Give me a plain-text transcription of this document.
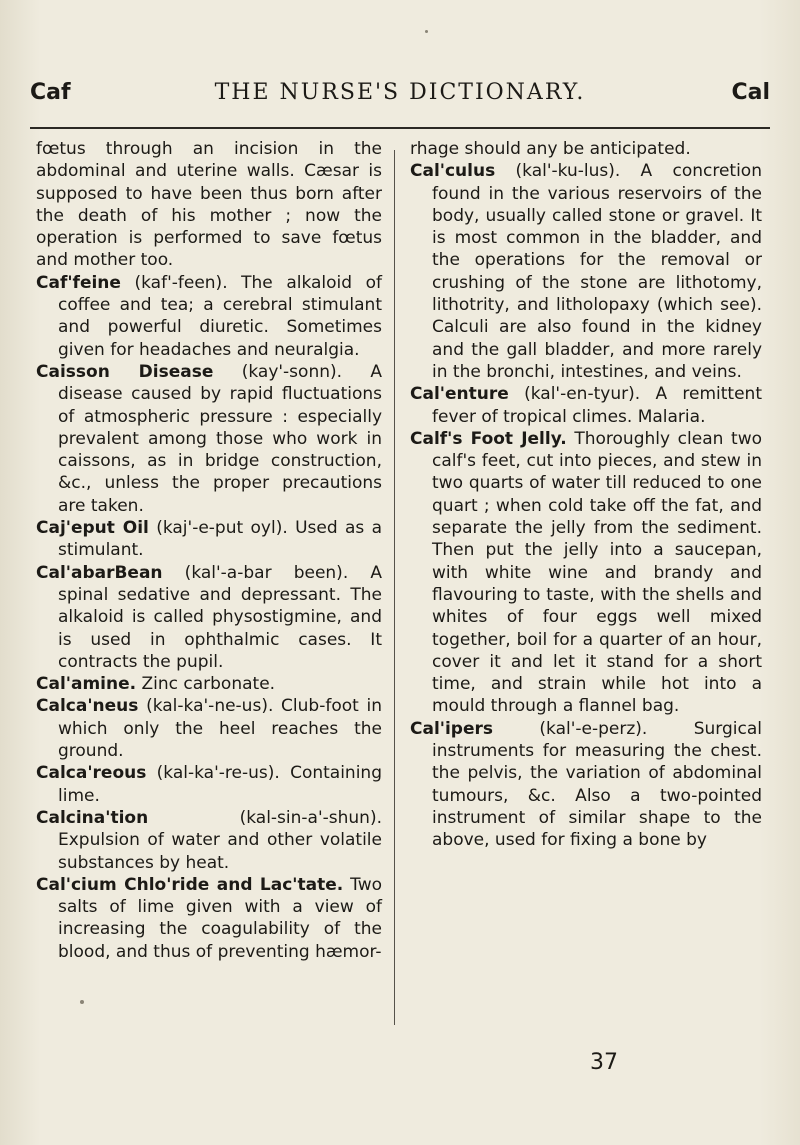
Caf	THE NURSE'S DICTIONARY.	Cal

fœtus through an incision in the abdominal and uterine walls. Cæsar is supposed to have been thus born after the death of his mother ; now the operation is performed to save fœtus and mother too.

Caf'feine (kaf'-feen). The alkaloid of coffee and tea; a cerebral stimulant and powerful diuretic. Sometimes given for headaches and neuralgia.

Caisson Disease (kay'-sonn). A disease caused by rapid fluctuations of atmospheric pressure : especially prevalent among those who work in caissons, as in bridge construction, &c., unless the proper precautions are taken.

Caj'eput Oil (kaj'-e-put oyl). Used as a stimulant.

Cal'abarBean (kal'-a-bar been). A spinal sedative and depressant. The alkaloid is called physostigmine, and is used in ophthalmic cases. It contracts the pupil.

Cal'amine. Zinc carbonate.

Calca'neus (kal-ka'-ne-us). Club-foot in which only the heel reaches the ground.

Calca'reous (kal-ka'-re-us). Containing lime.

Calcina'tion (kal-sin-a'-shun). Expulsion of water and other volatile substances by heat.

Cal'cium Chlo'ride and Lac'tate. Two salts of lime given with a view of increasing the coagulability of the blood, and thus of preventing hæmor-

rhage should any be anticipated.

Cal'culus (kal'-ku-lus). A concretion found in the various reservoirs of the body, usually called stone or gravel. It is most common in the bladder, and the operations for the removal or crushing of the stone are lithotomy, lithotrity, and litholopaxy (which see). Calculi are also found in the kidney and the gall bladder, and more rarely in the bronchi, intestines, and veins.

Cal'enture (kal'-en-tyur). A remittent fever of tropical climes. Malaria.

Calf's Foot Jelly. Thoroughly clean two calf's feet, cut into pieces, and stew in two quarts of water till reduced to one quart ; when cold take off the fat, and separate the jelly from the sediment. Then put the jelly into a saucepan, with white wine and brandy and flavouring to taste, with the shells and whites of four eggs well mixed together, boil for a quarter of an hour, cover it and let it stand for a short time, and strain while hot into a mould through a flannel bag.

Cal'ipers (kal'-e-perz). Surgical instruments for measuring the chest. the pelvis, the variation of abdominal tumours, &c. Also a two-pointed instrument of similar shape to the above, used for fixing a bone by

37
